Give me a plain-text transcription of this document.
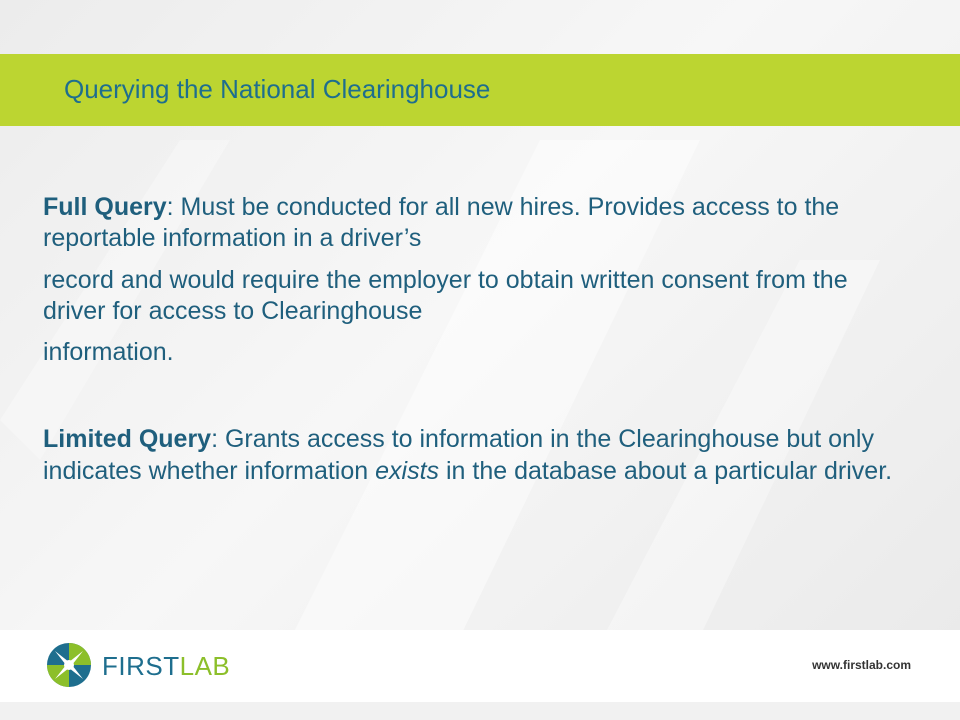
Querying the National Clearinghouse

Full Query: Must be conducted for all new hires. Provides access to the reportable information in a driver’s

record and would require the employer to obtain written consent from the driver for access to Clearinghouse

information.

Limited Query: Grants access to information in the Clearinghouse but only indicates whether information exists in the database about a particular driver.

FIRSTLAB	www.firstlab.com
